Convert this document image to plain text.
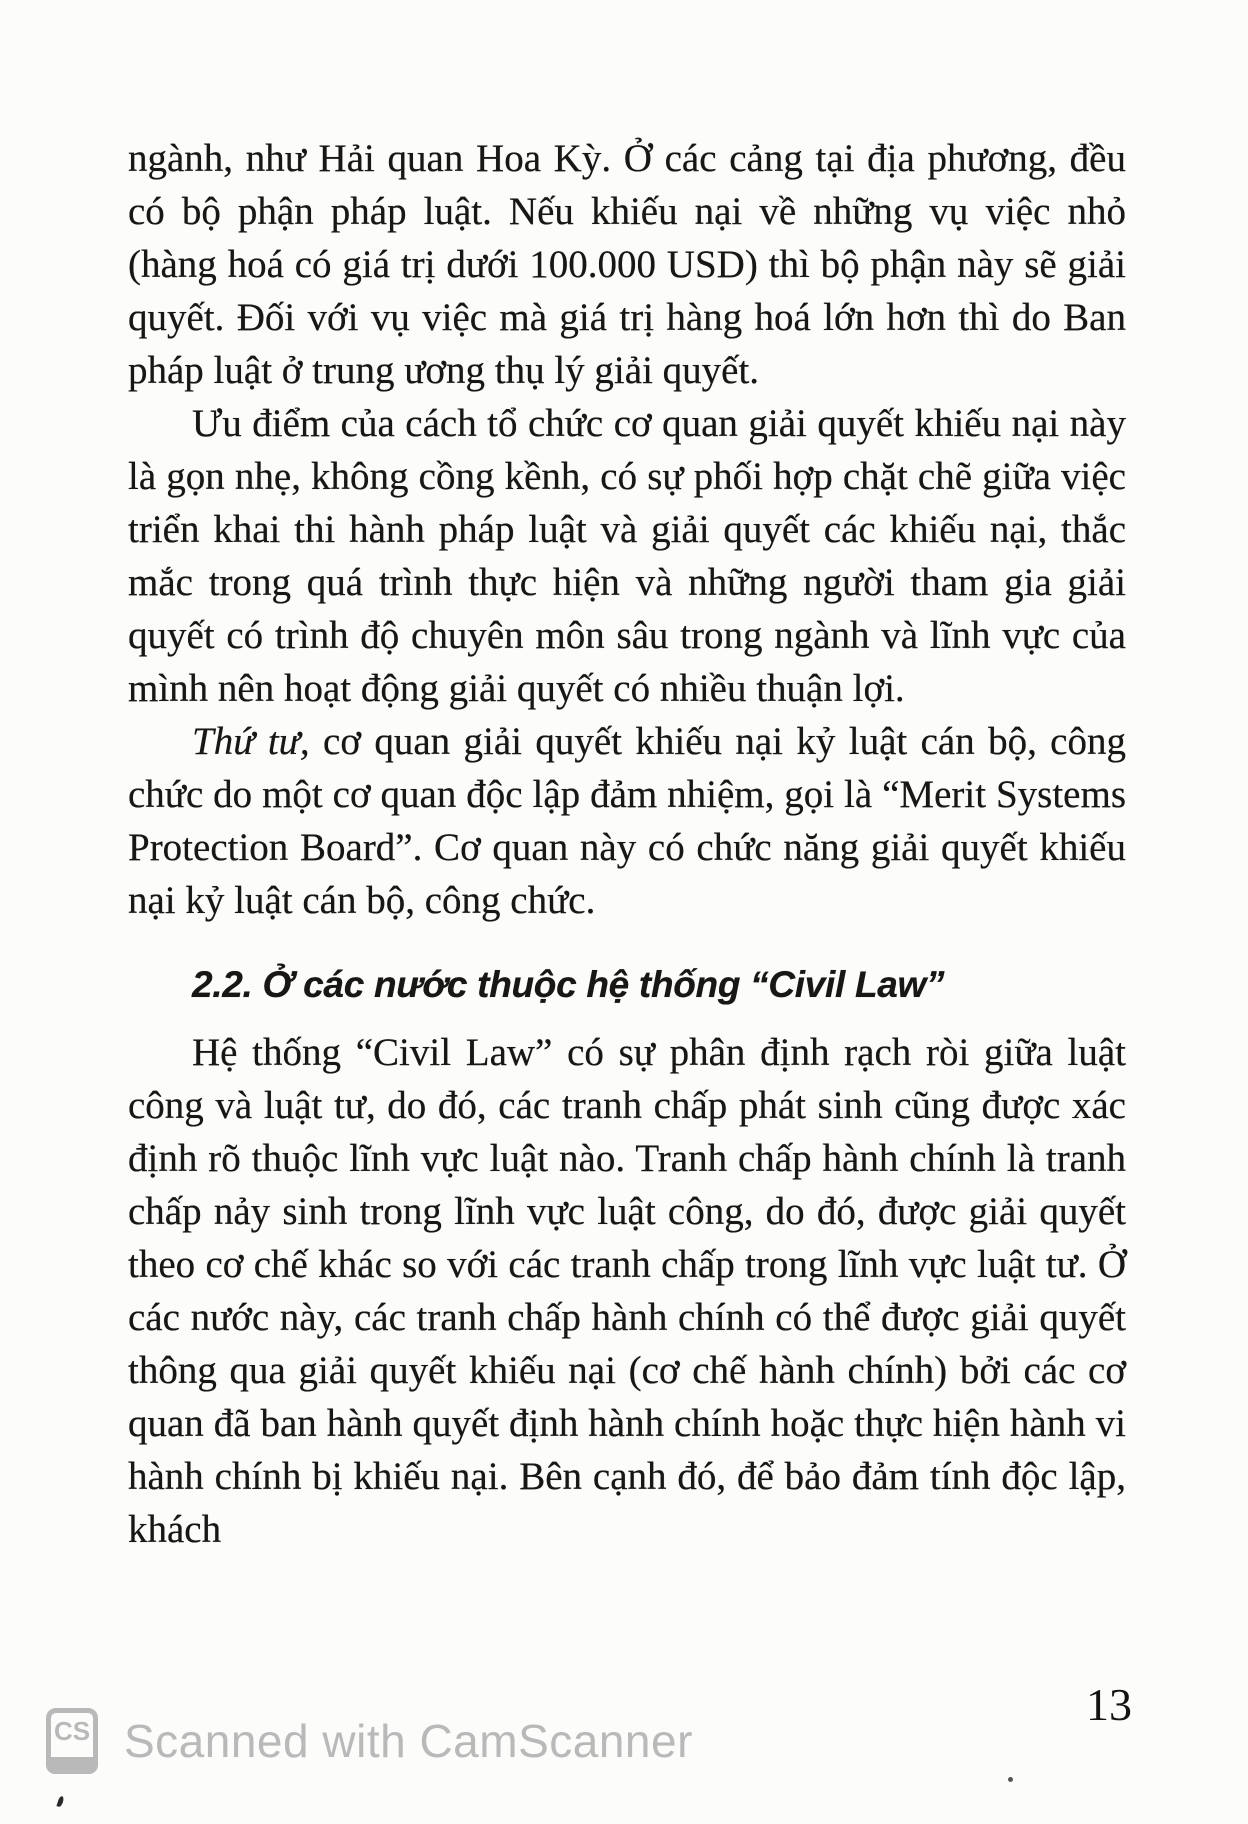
ngành, như Hải quan Hoa Kỳ. Ở các cảng tại địa phương, đều có bộ phận pháp luật. Nếu khiếu nại về những vụ việc nhỏ (hàng hoá có giá trị dưới 100.000 USD) thì bộ phận này sẽ giải quyết. Đối với vụ việc mà giá trị hàng hoá lớn hơn thì do Ban pháp luật ở trung ương thụ lý giải quyết.

Ưu điểm của cách tổ chức cơ quan giải quyết khiếu nại này là gọn nhẹ, không cồng kềnh, có sự phối hợp chặt chẽ giữa việc triển khai thi hành pháp luật và giải quyết các khiếu nại, thắc mắc trong quá trình thực hiện và những người tham gia giải quyết có trình độ chuyên môn sâu trong ngành và lĩnh vực của mình nên hoạt động giải quyết có nhiều thuận lợi.

Thứ tư, cơ quan giải quyết khiếu nại kỷ luật cán bộ, công chức do một cơ quan độc lập đảm nhiệm, gọi là “Merit Systems Protection Board”. Cơ quan này có chức năng giải quyết khiếu nại kỷ luật cán bộ, công chức.

2.2. Ở các nước thuộc hệ thống “Civil Law”

Hệ thống “Civil Law” có sự phân định rạch ròi giữa luật công và luật tư, do đó, các tranh chấp phát sinh cũng được xác định rõ thuộc lĩnh vực luật nào. Tranh chấp hành chính là tranh chấp nảy sinh trong lĩnh vực luật công, do đó, được giải quyết theo cơ chế khác so với các tranh chấp trong lĩnh vực luật tư. Ở các nước này, các tranh chấp hành chính có thể được giải quyết thông qua giải quyết khiếu nại (cơ chế hành chính) bởi các cơ quan đã ban hành quyết định hành chính hoặc thực hiện hành vi hành chính bị khiếu nại. Bên cạnh đó, để bảo đảm tính độc lập, khách

13
CS Scanned with CamScanner
